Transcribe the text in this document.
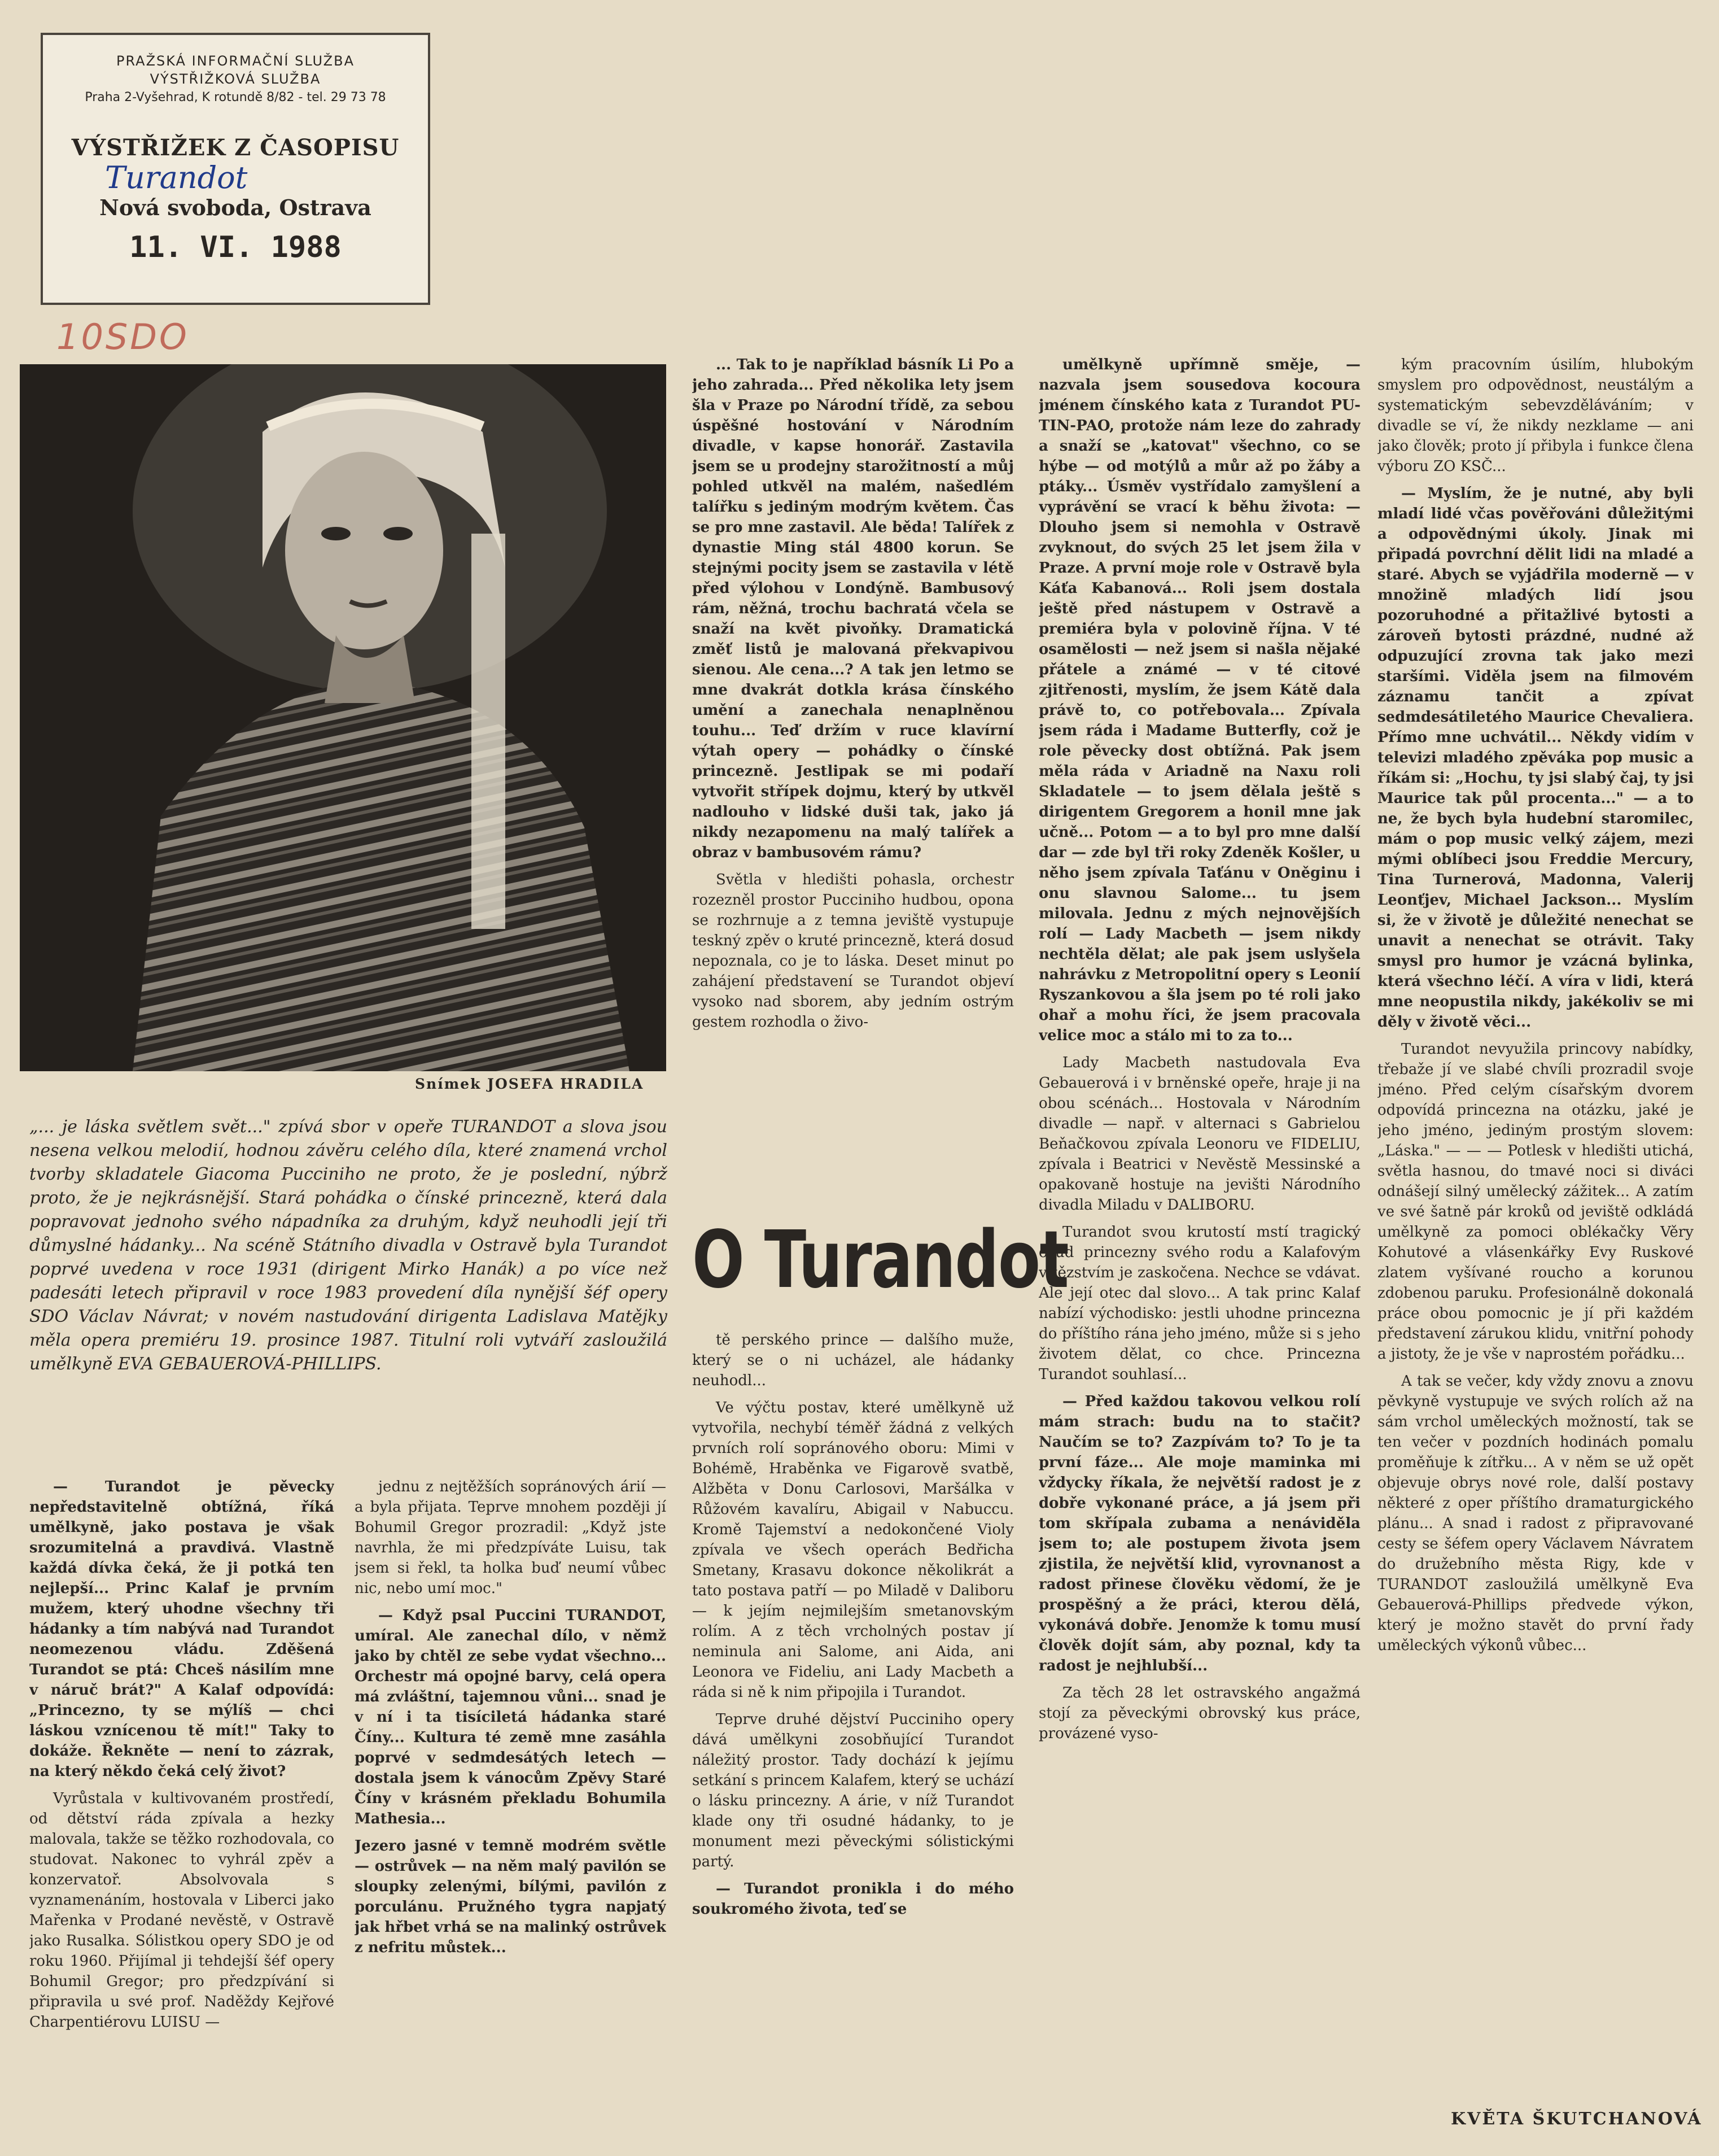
PRAŽSKÁ INFORMAČNÍ SLUŽBA
VÝSTŘIŽKOVÁ SLUŽBA
Praha 2-Vyšehrad, K rotundě 8/82 - tel. 29 73 78
VÝSTŘIŽEK Z ČASOPISU
Turandot
Nová svoboda, Ostrava
11. VI. 1988
10SDO
Snímek JOSEFA HRADILA
„... je láska světlem svět..." zpívá sbor v opeře TURANDOT a slova jsou nesena velkou melodií, hodnou závěru celého díla, které znamená vrchol tvorby skladatele Giacoma Pucciniho ne proto, že je poslední, nýbrž proto, že je nejkrásnější. Stará pohádka o čínské princezně, která dala popravovat jednoho svého nápadníka za druhým, když neuhodli její tři důmyslné hádanky... Na scéně Státního divadla v Ostravě byla Turandot poprvé uvedena v roce 1931 (dirigent Mirko Hanák) a po více než padesáti letech připravil v roce 1983 provedení díla nynější šéf opery SDO Václav Návrat; v novém nastudování dirigenta Ladislava Matějky měla opera premiéru 19. prosince 1987. Titulní roli vytváří zasloužilá umělkyně EVA GEBAUEROVÁ-PHILLIPS.

— Turandot je pěvecky nepředstavitelně obtížná, říká umělkyně, jako postava je však srozumitelná a pravdivá. Vlastně každá dívka čeká, že ji potká ten nejlepší... Princ Kalaf je prvním mužem, který uhodne všechny tři hádanky a tím nabývá nad Turandot neomezenou vládu. Zděšená Turandot se ptá: Chceš násilím mne v náruč brát?" A Kalaf odpovídá: „Princezno, ty se mýlíš — chci láskou vznícenou tě mít!" Taky to dokáže. Řekněte — není to zázrak, na který někdo čeká celý život?

Vyrůstala v kultivovaném prostředí, od dětství ráda zpívala a hezky malovala, takže se těžko rozhodovala, co studovat. Nakonec to vyhrál zpěv a konzervatoř. Absolvovala s vyznamenáním, hostovala v Liberci jako Mařenka v Prodané nevěstě, v Ostravě jako Rusalka. Sólistkou opery SDO je od roku 1960. Přijímal ji tehdejší šéf opery Bohumil Gregor; pro předzpívání si připravila u své prof. Naděždy Kejřové Charpentiérovu LUISU —

jednu z nejtěžších sopránových árií — a byla přijata. Teprve mnohem později jí Bohumil Gregor prozradil: „Když jste navrhla, že mi předzpíváte Luisu, tak jsem si řekl, ta holka buď neumí vůbec nic, nebo umí moc."

— Když psal Puccini TURANDOT, umíral. Ale zanechal dílo, v němž jako by chtěl ze sebe vydat všechno... Orchestr má opojné barvy, celá opera má zvláštní, tajemnou vůni... snad je v ní i ta tisíciletá hádanka staré Číny... Kultura té země mne zasáhla poprvé v sedmdesátých letech — dostala jsem k vánocům Zpěvy Staré Číny v krásném překladu Bohumila Mathesia...

Jezero jasné v temně modrém světle — ostrůvek — na něm malý pavilón se sloupky zelenými, bílými, pavilón z porculánu. Pružného tygra napjatý jak hřbet vrhá se na malinký ostrůvek z nefritu můstek...

... Tak to je například básník Li Po a jeho zahrada... Před několika lety jsem šla v Praze po Národní třídě, za sebou úspěšné hostování v Národním divadle, v kapse honorář. Zastavila jsem se u prodejny starožitností a můj pohled utkvěl na malém, našedlém talířku s jediným modrým květem. Čas se pro mne zastavil. Ale běda! Talířek z dynastie Ming stál 4800 korun. Se stejnými pocity jsem se zastavila v létě před výlohou v Londýně. Bambusový rám, něžná, trochu bachratá včela se snaží na květ pivoňky. Dramatická změť listů je malovaná překvapivou sienou. Ale cena...? A tak jen letmo se mne dvakrát dotkla krása čínského umění a zanechala nenaplněnou touhu... Teď držím v ruce klavírní výtah opery — pohádky o čínské princezně. Jestlipak se mi podaří vytvořit střípek dojmu, který by utkvěl nadlouho v lidské duši tak, jako já nikdy nezapomenu na malý talířek a obraz v bambusovém rámu?

Světla v hledišti pohasla, orchestr rozezněl prostor Pucciniho hudbou, opona se rozhrnuje a z temna jeviště vystupuje teskný zpěv o kruté princezně, která dosud nepoznala, co je to láska. Deset minut po zahájení představení se Turandot objeví vysoko nad sborem, aby jedním ostrým gestem rozhodla o živo-

O Turandot

tě perského prince — dalšího muže, který se o ni ucházel, ale hádanky neuhodl...

Ve výčtu postav, které umělkyně už vytvořila, nechybí téměř žádná z velkých prvních rolí sopránového oboru: Mimi v Bohémě, Hraběnka ve Figarově svatbě, Alžběta v Donu Carlosovi, Maršálka v Růžovém kavalíru, Abigail v Nabuccu. Kromě Tajemství a nedokončené Violy zpívala ve všech operách Bedřicha Smetany, Krasavu dokonce několikrát a tato postava patří — po Miladě v Daliboru — k jejím nejmilejším smetanovským rolím. A z těch vrcholných postav jí neminula ani Salome, ani Aida, ani Leonora ve Fideliu, ani Lady Macbeth a ráda si ně k nim připojila i Turandot.

Teprve druhé dějství Pucciniho opery dává umělkyni zosobňující Turandot náležitý prostor. Tady dochází k jejímu setkání s princem Kalafem, který se uchází o lásku princezny. A árie, v níž Turandot klade ony tři osudné hádanky, to je monument mezi pěveckými sólistickými partý.

— Turandot pronikla i do mého soukromého života, teď se

umělkyně upřímně směje, — nazvala jsem sousedova kocoura jménem čínského kata z Turandot PU-TIN-PAO, protože nám leze do zahrady a snaží se „katovat" všechno, co se hýbe — od motýlů a můr až po žáby a ptáky... Úsměv vystřídalo zamyšlení a vyprávění se vrací k běhu života: — Dlouho jsem si nemohla v Ostravě zvyknout, do svých 25 let jsem žila v Praze. A první moje role v Ostravě byla Káťa Kabanová... Roli jsem dostala ještě před nástupem v Ostravě a premiéra byla v polovině října. V té osamělosti — než jsem si našla nějaké přátele a známé — v té citové zjitřenosti, myslím, že jsem Kátě dala právě to, co potřebovala... Zpívala jsem ráda i Madame Butterfly, což je role pěvecky dost obtížná. Pak jsem měla ráda v Ariadně na Naxu roli Skladatele — to jsem dělala ještě s dirigentem Gregorem a honil mne jak učně... Potom — a to byl pro mne další dar — zde byl tři roky Zdeněk Košler, u něho jsem zpívala Taťánu v Oněginu i onu slavnou Salome... tu jsem milovala. Jednu z mých nejnovějších rolí — Lady Macbeth — jsem nikdy nechtěla dělat; ale pak jsem uslyšela nahrávku z Metropolitní opery s Leonií Ryszankovou a šla jsem po té roli jako ohař a mohu říci, že jsem pracovala velice moc a stálo mi to za to...

Lady Macbeth nastudovala Eva Gebauerová i v brněnské opeře, hraje ji na obou scénách... Hostovala v Národním divadle — např. v alternaci s Gabrielou Beňačkovou zpívala Leonoru ve FIDELIU, zpívala i Beatrici v Nevěstě Messinské a opakovaně hostuje na jevišti Národního divadla Miladu v DALIBORU.

Turandot svou krutostí mstí tragický osud princezny svého rodu a Kalafovým vítězstvím je zaskočena. Nechce se vdávat. Ale její otec dal slovo... A tak princ Kalaf nabízí východisko: jestli uhodne princezna do příštího rána jeho jméno, může si s jeho životem dělat, co chce. Princezna Turandot souhlasí...

— Před každou takovou velkou rolí mám strach: budu na to stačit? Naučím se to? Zazpívám to? To je ta první fáze... Ale moje maminka mi vždycky říkala, že největší radost je z dobře vykonané práce, a já jsem při tom skřípala zubama a nenáviděla jsem to; ale postupem života jsem zjistila, že největší klid, vyrovnanost a radost přinese člověku vědomí, že je prospěšný a že práci, kterou dělá, vykonává dobře. Jenomže k tomu musí člověk dojít sám, aby poznal, kdy ta radost je nejhlubší...

Za těch 28 let ostravského angažmá stojí za pěveckými obrovský kus práce, provázené vyso-

kým pracovním úsilím, hlubokým smyslem pro odpovědnost, neustálým a systematickým sebevzděláváním; v divadle se ví, že nikdy nezklame — ani jako člověk; proto jí přibyla i funkce člena výboru ZO KSČ...

— Myslím, že je nutné, aby byli mladí lidé včas pověřováni důležitými a odpovědnými úkoly. Jinak mi připadá povrchní dělit lidi na mladé a staré. Abych se vyjádřila moderně — v množině mladých lidí jsou pozoruhodné a přitažlivé bytosti a zároveň bytosti prázdné, nudné až odpuzující zrovna tak jako mezi staršími. Viděla jsem na filmovém záznamu tančit a zpívat sedmdesátiletého Maurice Chevaliera. Přímo mne uchvátil... Někdy vidím v televizi mladého zpěváka pop music a říkám si: „Hochu, ty jsi slabý čaj, ty jsi Maurice tak půl procenta..." — a to ne, že bych byla hudební staromilec, mám o pop music velký zájem, mezi mými oblíbeci jsou Freddie Mercury, Tina Turnerová, Madonna, Valerij Leonťjev, Michael Jackson... Myslím si, že v životě je důležité nenechat se unavit a nenechat se otrávit. Taky smysl pro humor je vzácná bylinka, která všechno léčí. A víra v lidi, která mne neopustila nikdy, jakékoliv se mi děly v životě věci...

Turandot nevyužila princovy nabídky, třebaže jí ve slabé chvíli prozradil svoje jméno. Před celým císařským dvorem odpovídá princezna na otázku, jaké je jeho jméno, jediným prostým slovem: „Láska." — — — Potlesk v hledišti utichá, světla hasnou, do tmavé noci si diváci odnášejí silný umělecký zážitek... A zatím ve své šatně pár kroků od jeviště odkládá umělkyně za pomoci oblékačky Věry Kohutové a vlásenkářky Evy Ruskové zlatem vyšívané roucho a korunou zdobenou paruku. Profesionálně dokonalá práce obou pomocnic je jí při každém představení zárukou klidu, vnitřní pohody a jistoty, že je vše v naprostém pořádku...

A tak se večer, kdy vždy znovu a znovu pěvkyně vystupuje ve svých rolích až na sám vrchol uměleckých možností, tak se ten večer v pozdních hodinách pomalu proměňuje k zítřku... A v něm se už opět objevuje obrys nové role, další postavy některé z oper příštího dramaturgického plánu... A snad i radost z připravované cesty se šéfem opery Václavem Návratem do družebního města Rigy, kde v TURANDOT zasloužilá umělkyně Eva Gebauerová-Phillips předvede výkon, který je možno stavět do první řady uměleckých výkonů vůbec...

KVĚTA ŠKUTCHANOVÁ
